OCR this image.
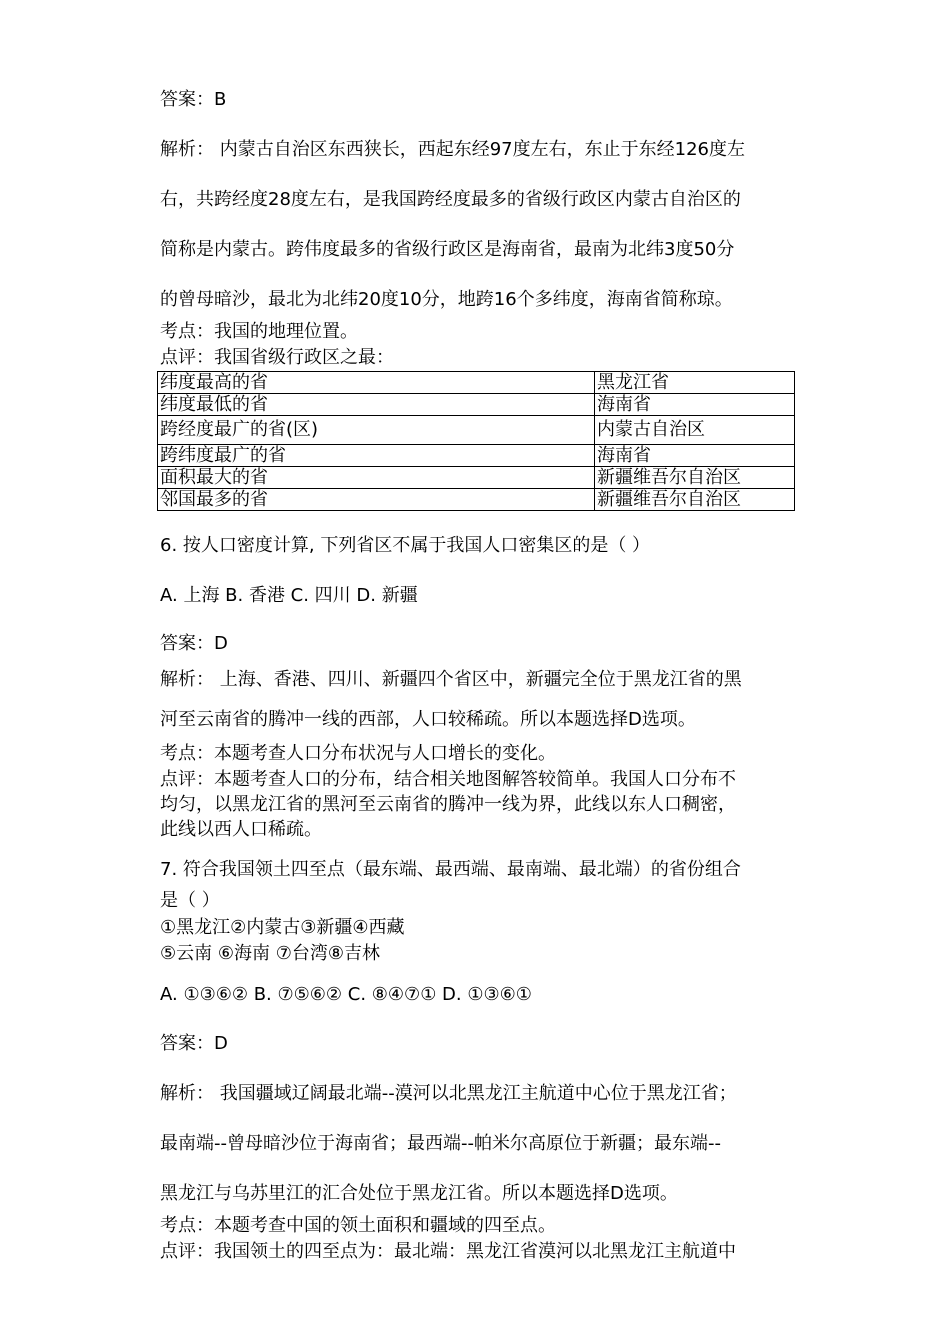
答案：B
解析： 内蒙古自治区东西狭长，西起东经97度左右，东止于东经126度左
右，共跨经度28度左右，是我国跨经度最多的省级行政区内蒙古自治区的
简称是内蒙古。跨伟度最多的省级行政区是海南省，最南为北纬3度50分
的曾母暗沙，最北为北纬20度10分，地跨16个多纬度，海南省简称琼。
考点：我国的地理位置。
点评：我国省级行政区之最：
纬度最高的省	黑龙江省
纬度最低的省	海南省
跨经度最广的省(区)	内蒙古自治区
跨纬度最广的省	海南省
面积最大的省	新疆维吾尔自治区
邻国最多的省	新疆维吾尔自治区
6. 按人口密度计算, 下列省区不属于我国人口密集区的是（ ）
A. 上海 B. 香港 C. 四川 D. 新疆
答案：D
解析： 上海、香港、四川、新疆四个省区中，新疆完全位于黑龙江省的黑
河至云南省的腾冲一线的西部，人口较稀疏。所以本题选择D选项。
考点：本题考查人口分布状况与人口增长的变化。
点评：本题考查人口的分布，结合相关地图解答较简单。我国人口分布不
均匀，以黑龙江省的黑河至云南省的腾冲一线为界，此线以东人口稠密，
此线以西人口稀疏。
7. 符合我国领土四至点（最东端、最西端、最南端、最北端）的省份组合
是（ ）
①黑龙江②内蒙古③新疆④西藏
⑤云南 ⑥海南 ⑦台湾⑧吉林
A. ①③⑥② B. ⑦⑤⑥② C. ⑧④⑦① D. ①③⑥①
答案：D
解析： 我国疆域辽阔最北端--漠河以北黑龙江主航道中心位于黑龙江省；
最南端--曾母暗沙位于海南省；最西端--帕米尔高原位于新疆；最东端--
黑龙江与乌苏里江的汇合处位于黑龙江省。所以本题选择D选项。
考点：本题考查中国的领土面积和疆域的四至点。
点评：我国领土的四至点为：最北端：黑龙江省漠河以北黑龙江主航道中
